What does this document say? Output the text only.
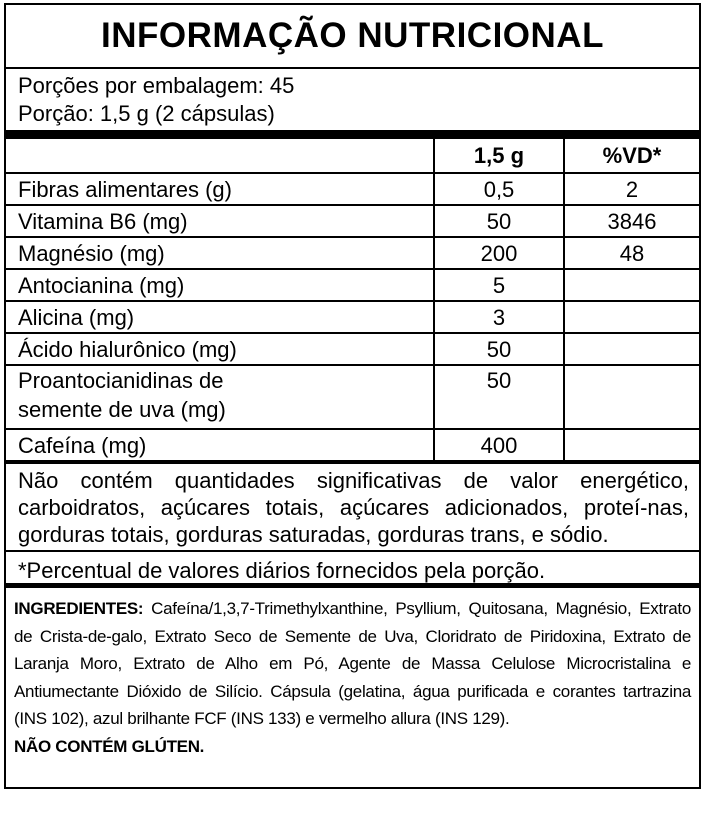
INFORMAÇÃO NUTRICIONAL
Porções por embalagem: 45
Porção: 1,5 g (2 cápsulas)
	1,5 g	%VD*
Fibras alimentares (g)	0,5	2
Vitamina B6 (mg)	50	3846
Magnésio (mg)	200	48
Antocianina (mg)	5	
Alicina (mg)	3	
Ácido hialurônico (mg)	50	
Proantocianidinas de semente de uva (mg)	50	
Cafeína (mg)	400	
Não contém quantidades significativas de valor energético, carboidratos, açúcares totais, açúcares adicionados, proteí-nas, gorduras totais, gorduras saturadas, gorduras trans, e sódio.
*Percentual de valores diários fornecidos pela porção.
INGREDIENTES: Cafeína/1,3,7-Trimethylxanthine, Psyllium, Quitosana, Magnésio, Extrato de Crista-de-galo, Extrato Seco de Semente de Uva, Cloridrato de Piridoxina, Extrato de Laranja Moro, Extrato de Alho em Pó, Agente de Massa Celulose Microcristalina e Antiumectante Dióxido de Silício. Cápsula (gelatina, água purificada e corantes tartrazina (INS 102), azul brilhante FCF (INS 133) e vermelho allura (INS 129).
NÃO CONTÉM GLÚTEN.
